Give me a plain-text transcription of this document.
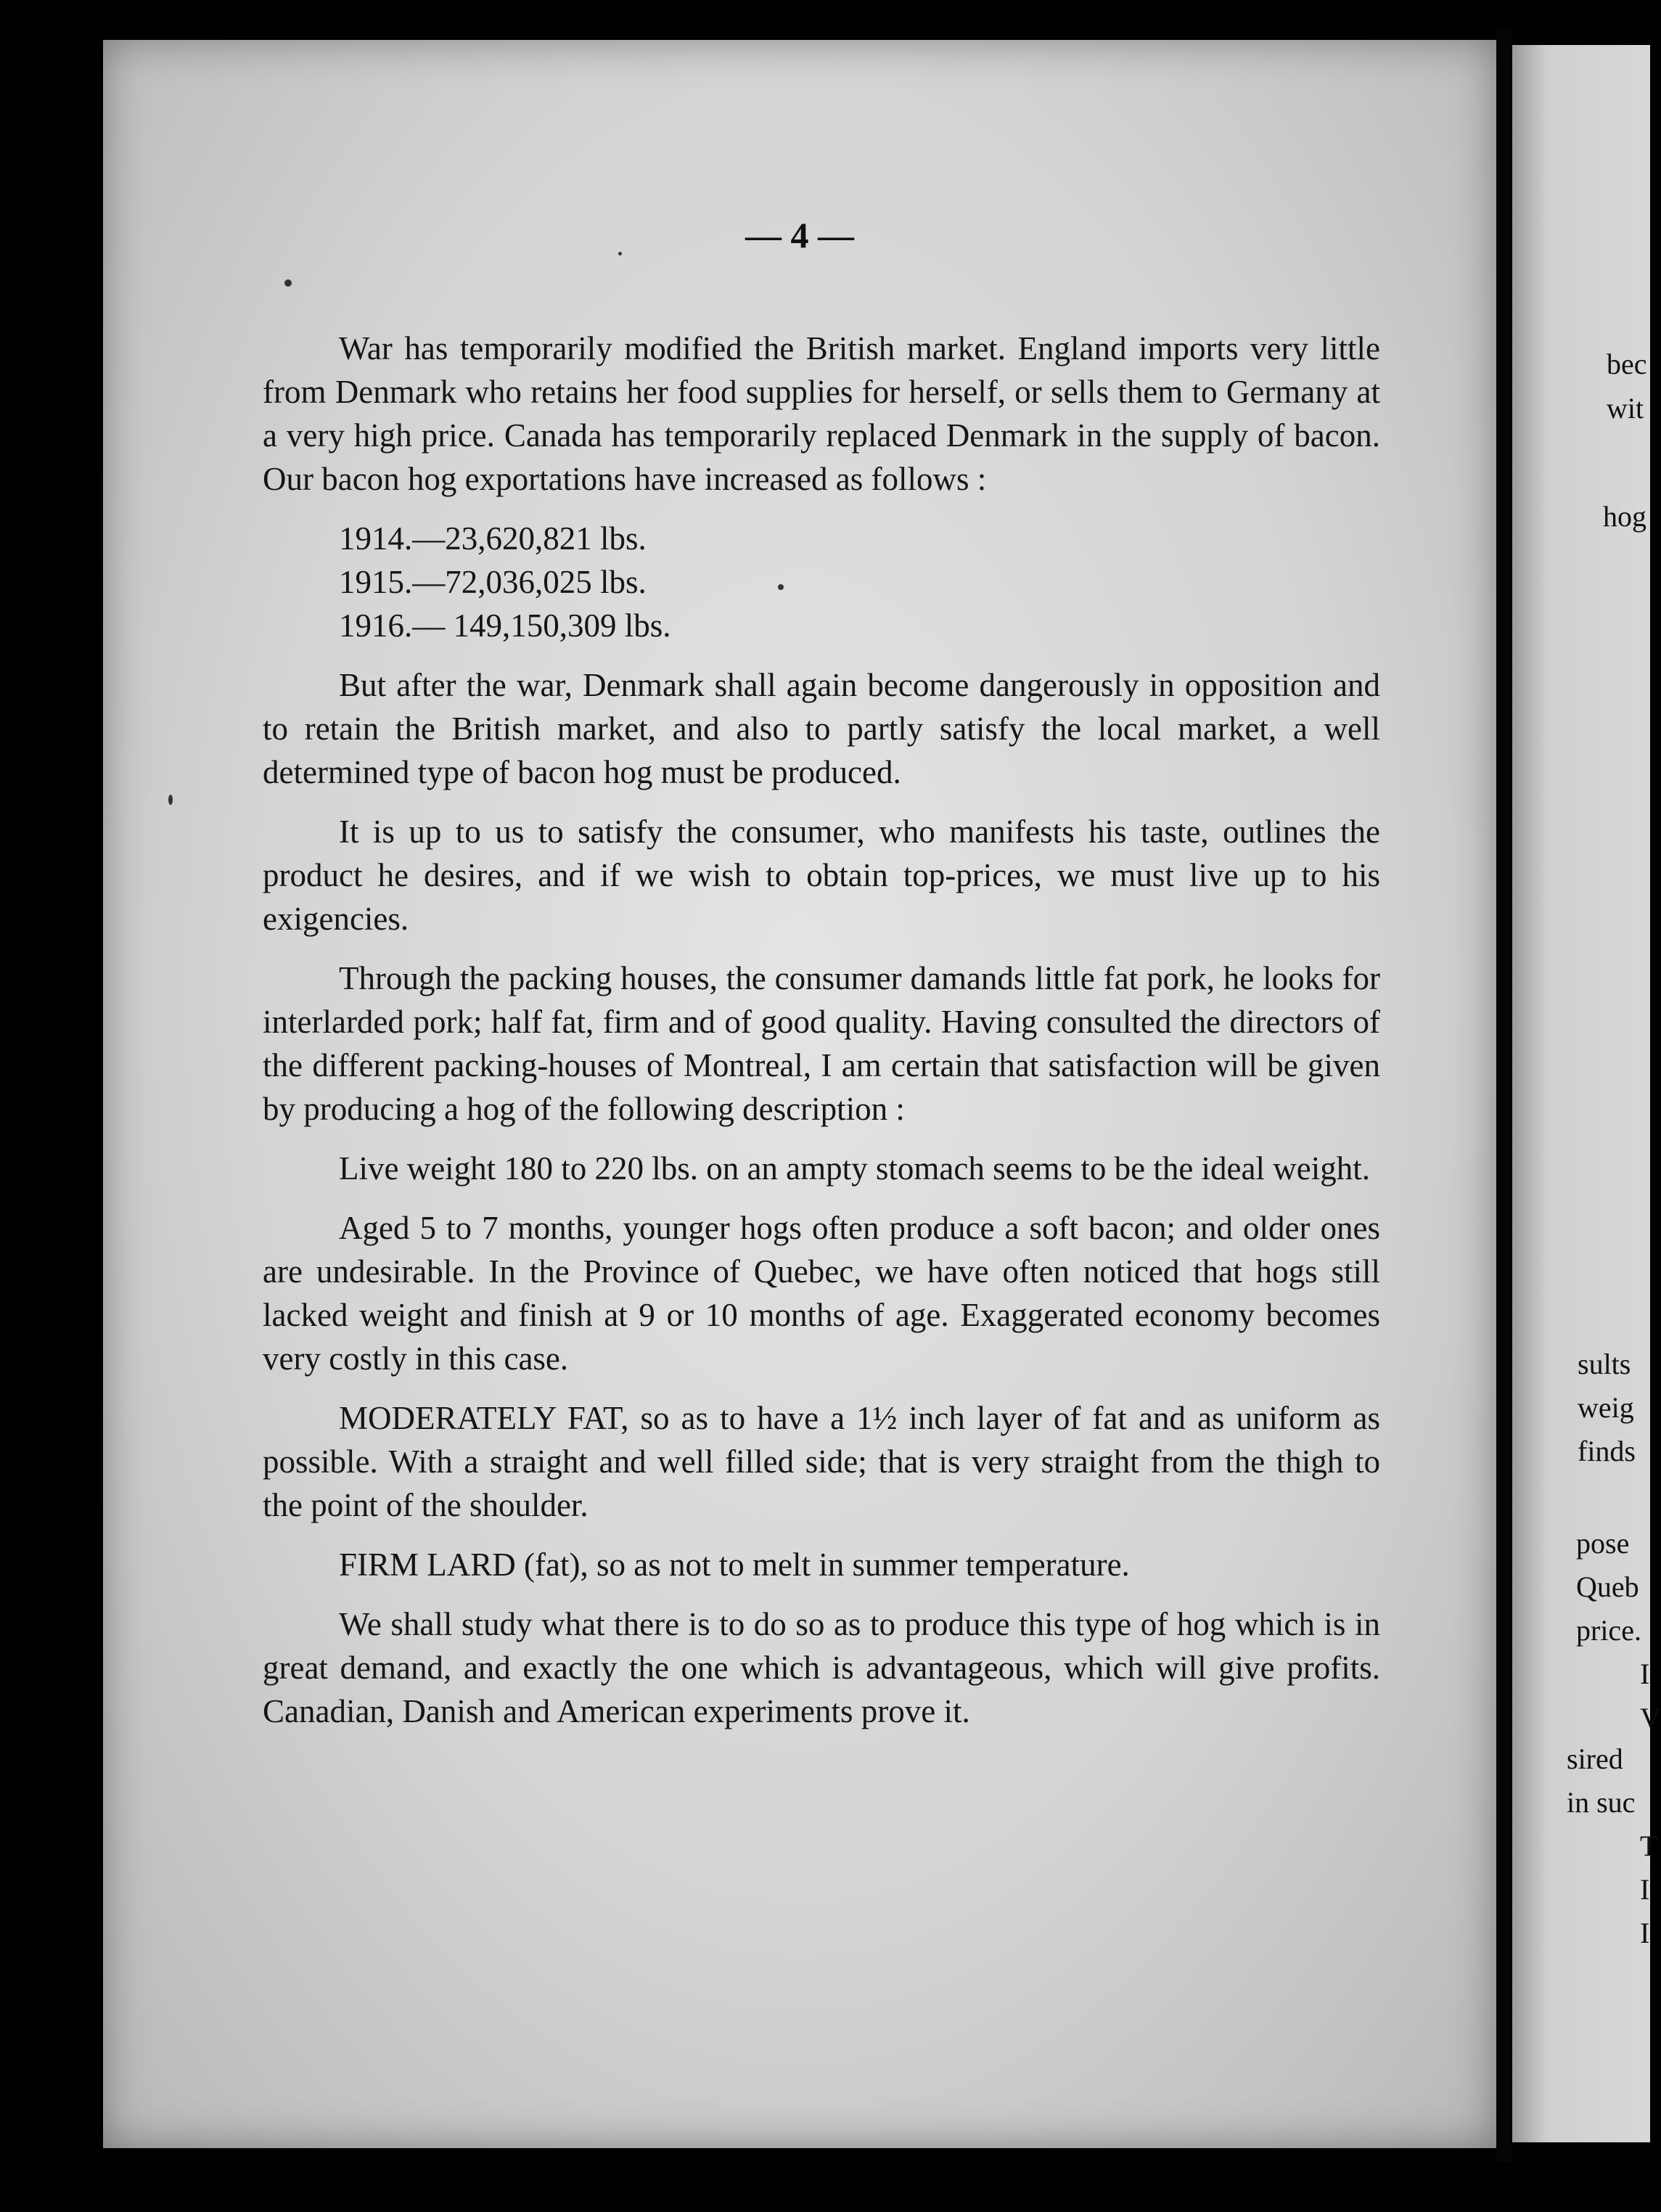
— 4 —

War has temporarily modified the British market. England imports very little from Denmark who retains her food supplies for herself, or sells them to Germany at a very high price. Canada has temporarily replaced Denmark in the supply of bacon. Our bacon hog exportations have increased as follows :

1914.—23,620,821 lbs.
1915.—72,036,025 lbs.
1916.— 149,150,309 lbs.

But after the war, Denmark shall again become dangerously in opposition and to retain the British market, and also to partly satisfy the local market, a well determined type of bacon hog must be produced.

It is up to us to satisfy the consumer, who manifests his taste, outlines the product he desires, and if we wish to obtain top-prices, we must live up to his exigencies.

Through the packing houses, the consumer damands little fat pork, he looks for interlarded pork; half fat, firm and of good quality. Having consulted the directors of the different packing-houses of Montreal, I am certain that satisfaction will be given by producing a hog of the following description :

Live weight 180 to 220 lbs. on an ampty stomach seems to be the ideal weight.

Aged 5 to 7 months, younger hogs often produce a soft bacon; and older ones are undesirable. In the Province of Quebec, we have often noticed that hogs still lacked weight and finish at 9 or 10 months of age. Exaggerated economy becomes very costly in this case.

MODERATELY FAT, so as to have a 1½ inch layer of fat and as uniform as possible. With a straight and well filled side; that is very straight from the thigh to the point of the shoulder.

FIRM LARD (fat), so as not to melt in summer temperature.

We shall study what there is to do so as to produce this type of hog which is in great demand, and exactly the one which is advantageous, which will give profits. Canadian, Danish and American experiments prove it.

bec
wit
hog
sults
weig
finds
pose
Queb
price.
I
V
sired
in suc
T
I
I
